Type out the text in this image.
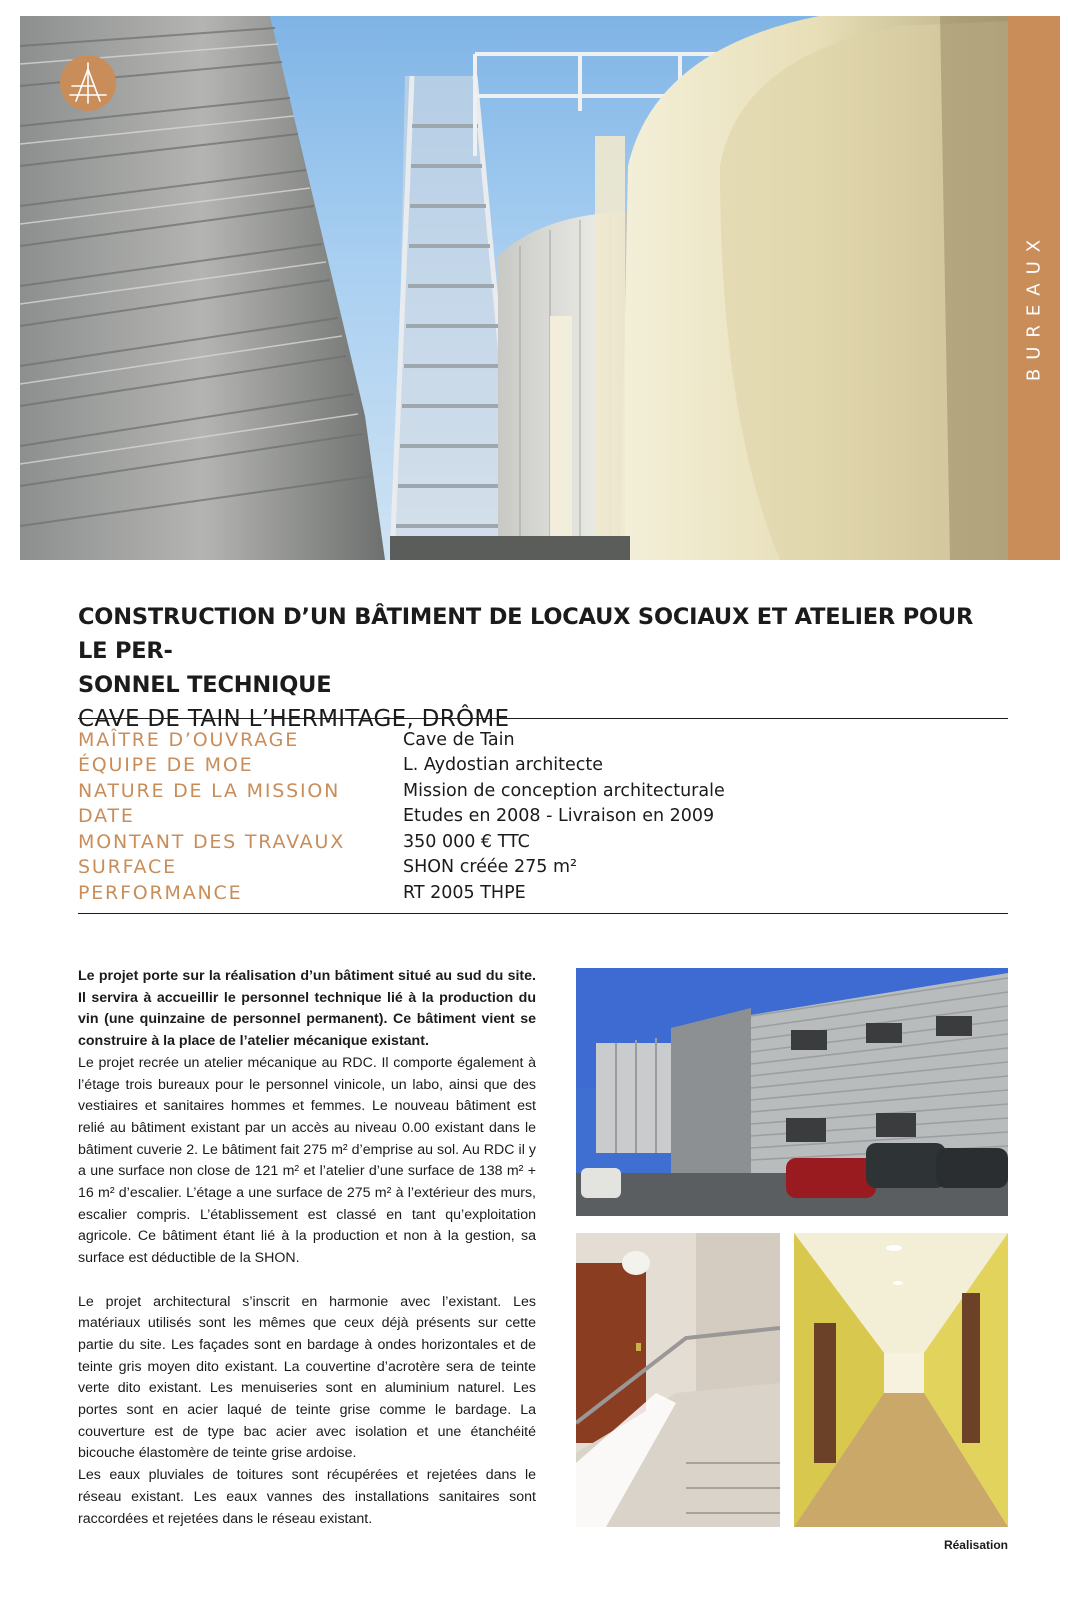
BUREAUX
CONSTRUCTION D’UN BÂTIMENT DE LOCAUX SOCIAUX ET ATELIER POUR LE PER-
SONNEL TECHNIQUE
CAVE DE TAIN L’HERMITAGE, DRÔME
MAÎTRE D’OUVRAGE	Cave de Tain
ÉQUIPE DE MOE	L. Aydostian architecte
NATURE DE LA MISSION	Mission de conception architecturale
DATE	Etudes en 2008 - Livraison en 2009
MONTANT DES TRAVAUX	350 000 € TTC
SURFACE	SHON créée 275 m²
PERFORMANCE	RT 2005 THPE

Le projet porte sur la réalisation d’un bâtiment situé au sud du site. Il servira à accueillir le personnel technique lié à la production du vin (une quinzaine de personnel permanent). Ce bâtiment vient se construire à la place de l’atelier mécanique existant.

Le projet recrée un atelier mécanique au RDC. Il comporte également à l’étage trois bureaux pour le personnel vinicole, un labo, ainsi que des vestiaires et sanitaires hommes et femmes. Le nouveau bâtiment est relié au bâtiment existant par un accès au niveau 0.00 existant dans le bâtiment cuverie 2. Le bâtiment fait 275 m² d’emprise au sol. Au RDC il y a une surface non close de 121 m² et l’atelier d’une surface de 138 m² + 16 m² d’escalier. L’étage a une surface de 275 m² à l’extérieur des murs, escalier compris. L’établissement est classé en tant qu’exploitation agricole. Ce bâtiment étant lié à la production et non à la gestion, sa surface est déductible de la SHON.

Le projet architectural s’inscrit en harmonie avec l’existant. Les matériaux utilisés sont les mêmes que ceux déjà présents sur cette partie du site. Les façades sont en bardage à ondes horizontales et de teinte gris moyen dito existant. La couvertine d’acrotère sera de teinte verte dito existant. Les menuiseries sont en aluminium naturel. Les portes sont en acier laqué de teinte grise comme le bardage. La couverture est de type bac acier avec isolation et une étanchéité bicouche élastomère de teinte grise ardoise.

Les eaux pluviales de toitures sont récupérées et rejetées dans le réseau existant. Les eaux vannes des installations sanitaires sont raccordées et rejetées dans le réseau existant.

Réalisation
